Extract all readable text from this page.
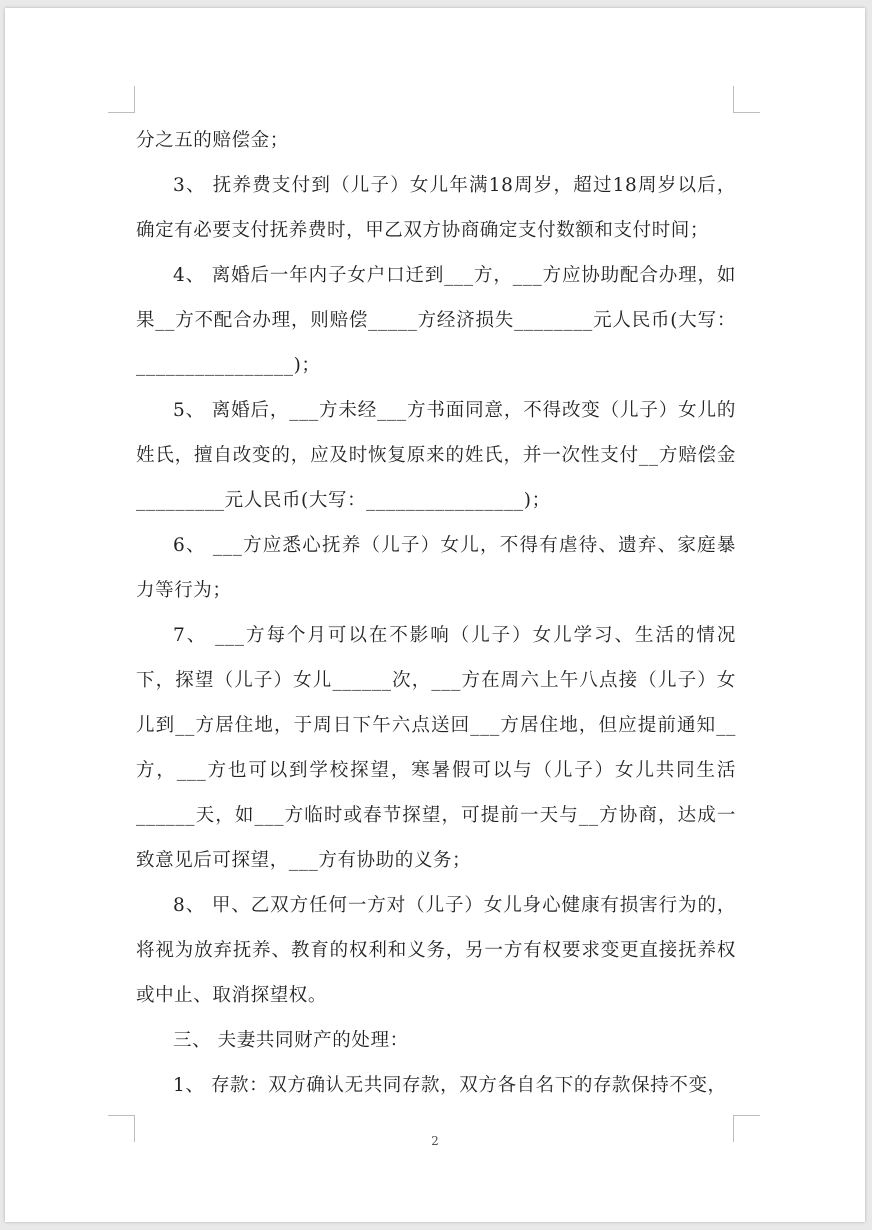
分之五的赔偿金；

3、 抚养费支付到（儿子）女儿年满18周岁，超过18周岁以后，确定有必要支付抚养费时，甲乙双方协商确定支付数额和支付时间；

4、 离婚后一年内子女户口迁到___方，___方应协助配合办理，如果__方不配合办理，则赔偿_____方经济损失________元人民币(大写：________________)；

5、 离婚后，___方未经___方书面同意，不得改变（儿子）女儿的姓氏，擅自改变的，应及时恢复原来的姓氏，并一次性支付__方赔偿金_________元人民币(大写：________________)；

6、 ___方应悉心抚养（儿子）女儿，不得有虐待、遗弃、家庭暴力等行为；

7、 ___方每个月可以在不影响（儿子）女儿学习、生活的情况下，探望（儿子）女儿______次，___方在周六上午八点接（儿子）女儿到__方居住地，于周日下午六点送回___方居住地，但应提前通知__方，___方也可以到学校探望，寒暑假可以与（儿子）女儿共同生活______天，如___方临时或春节探望，可提前一天与__方协商，达成一致意见后可探望，___方有协助的义务；

8、 甲、乙双方任何一方对（儿子）女儿身心健康有损害行为的，将视为放弃抚养、教育的权利和义务，另一方有权要求变更直接抚养权或中止、取消探望权。

三、 夫妻共同财产的处理：

1、 存款：双方确认无共同存款，双方各自名下的存款保持不变，

2
